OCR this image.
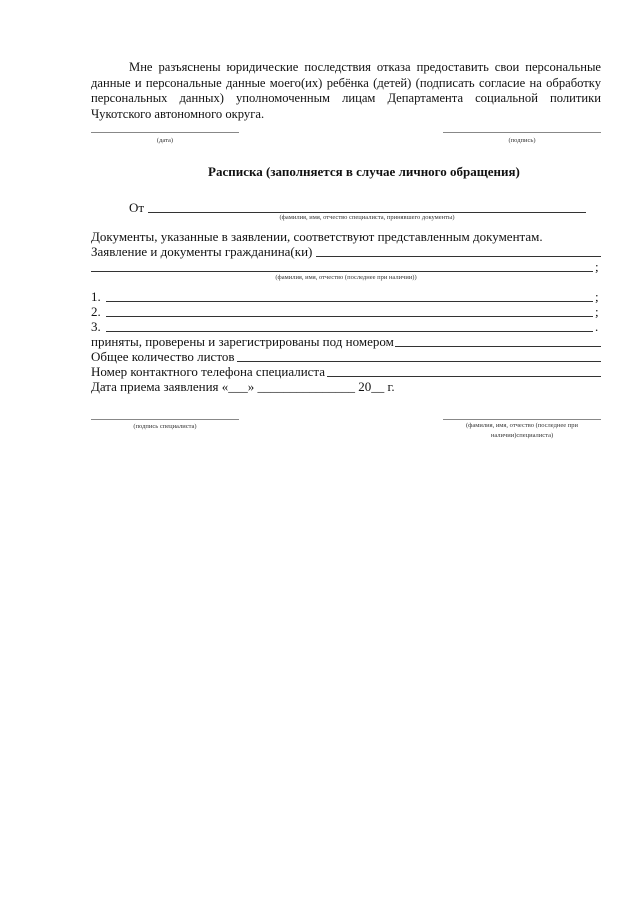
Мне разъяснены юридические последствия отказа предоставить свои персональные данные и персональные данные моего(их) ребёнка (детей) (подписать согласие на обработку персональных данных) уполномоченным лицам Департамента социальной политики Чукотского автономного округа.
(дата)	(подпись)
Расписка (заполняется в случае личного обращения)
От
(фамилия, имя, отчество специалиста, принявшего документы)
Документы, указанные в заявлении, соответствуют представленным документам.
Заявление и документы гражданина(ки)
;
(фамилия, имя, отчество (последнее при наличии))
1.	;
2.	;
3.	.
приняты, проверены и зарегистрированы под номером
Общее количество листов
Номер контактного телефона специалиста
Дата приема заявления «___» _______________ 20__ г.
(подпись специалиста)	(фамилия, имя, отчество (последнее при
наличии)специалиста)
